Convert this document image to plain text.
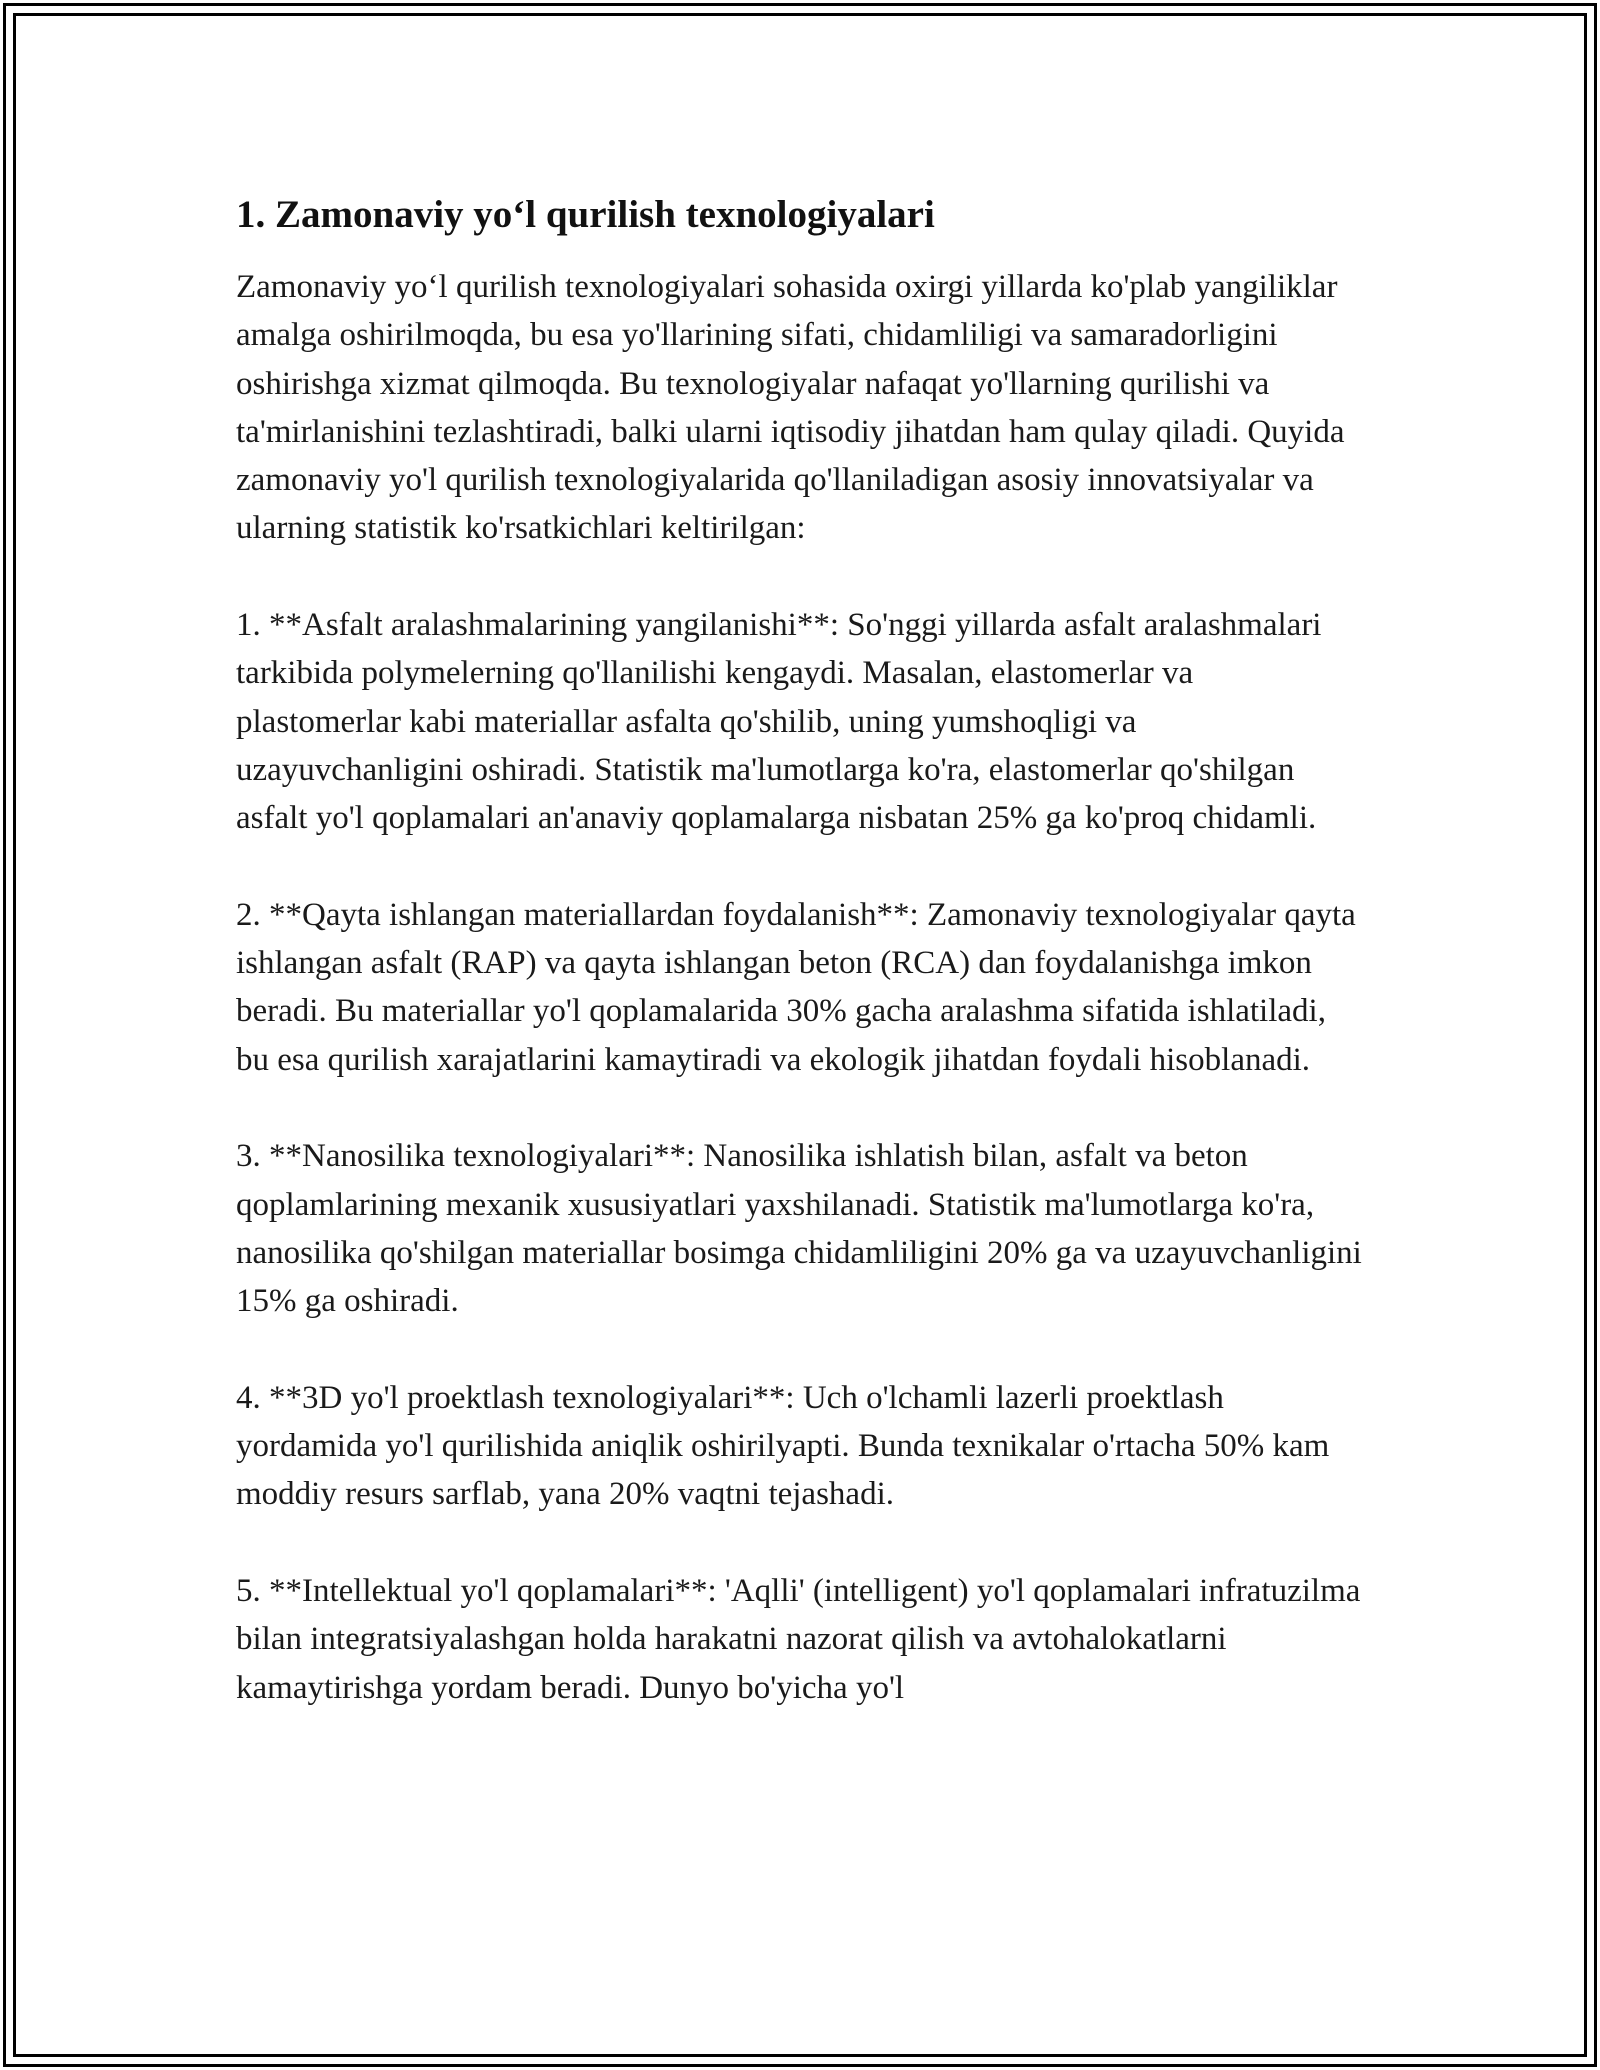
1. Zamonaviy yo‘l qurilish texnologiyalari

Zamonaviy yo‘l qurilish texnologiyalari sohasida oxirgi yillarda ko'plab yangiliklar amalga oshirilmoqda, bu esa yo'llarining sifati, chidamliligi va samaradorligini oshirishga xizmat qilmoqda. Bu texnologiyalar nafaqat yo'llarning qurilishi va ta'mirlanishini tezlashtiradi, balki ularni iqtisodiy jihatdan ham qulay qiladi. Quyida zamonaviy yo'l qurilish texnologiyalarida qo'llaniladigan asosiy innovatsiyalar va ularning statistik ko'rsatkichlari keltirilgan:

1. **Asfalt aralashmalarining yangilanishi**: So'nggi yillarda asfalt aralashmalari tarkibida polymelerning qo'llanilishi kengaydi. Masalan, elastomerlar va plastomerlar kabi materiallar asfalta qo'shilib, uning yumshoqligi va uzayuvchanligini oshiradi. Statistik ma'lumotlarga ko'ra, elastomerlar qo'shilgan asfalt yo'l qoplamalari an'anaviy qoplamalarga nisbatan 25% ga ko'proq chidamli.

2. **Qayta ishlangan materiallardan foydalanish**: Zamonaviy texnologiyalar qayta ishlangan asfalt (RAP) va qayta ishlangan beton (RCA) dan foydalanishga imkon beradi. Bu materiallar yo'l qoplamalarida 30% gacha aralashma sifatida ishlatiladi, bu esa qurilish xarajatlarini kamaytiradi va ekologik jihatdan foydali hisoblanadi.

3. **Nanosilika texnologiyalari**: Nanosilika ishlatish bilan, asfalt va beton qoplamlarining mexanik xususiyatlari yaxshilanadi. Statistik ma'lumotlarga ko'ra, nanosilika qo'shilgan materiallar bosimga chidamliligini 20% ga va uzayuvchanligini 15% ga oshiradi.

4. **3D yo'l proektlash texnologiyalari**: Uch o'lchamli lazerli proektlash yordamida yo'l qurilishida aniqlik oshirilyapti. Bunda texnikalar o'rtacha 50% kam moddiy resurs sarflab, yana 20% vaqtni tejashadi.

5. **Intellektual yo'l qoplamalari**: 'Aqlli' (intelligent) yo'l qoplamalari infratuzilma bilan integratsiyalashgan holda harakatni nazorat qilish va avtohalokatlarni kamaytirishga yordam beradi. Dunyo bo'yicha yo'l
